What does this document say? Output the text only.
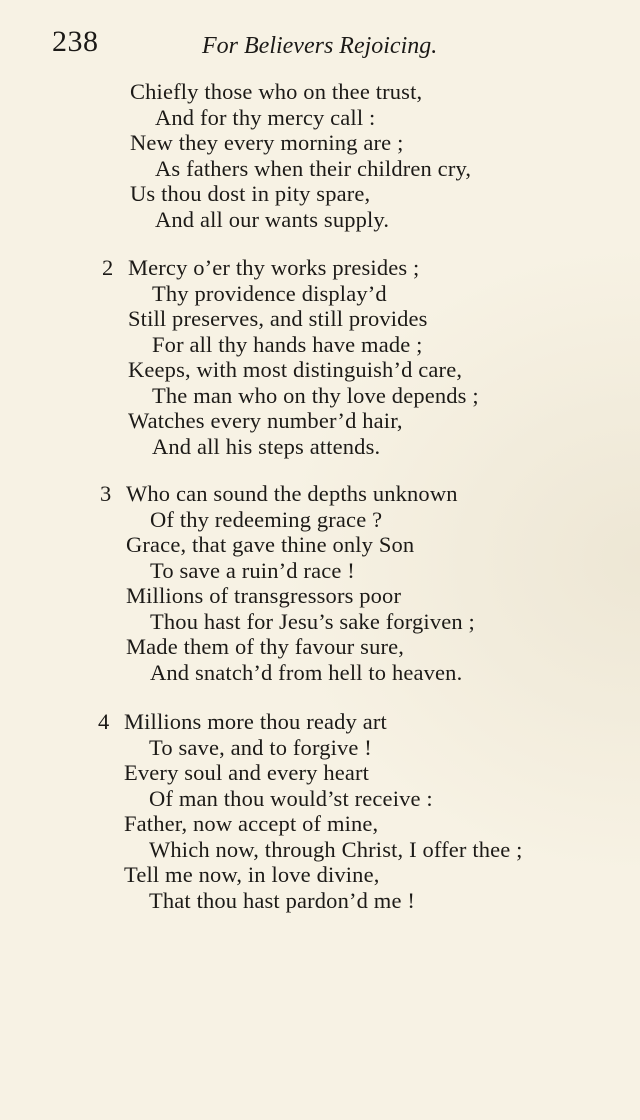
238	For Believers Rejoicing.
Chiefly those who on thee trust,
And for thy mercy call :
New they every morning are ;
As fathers when their children cry,
Us thou dost in pity spare,
And all our wants supply.
2 Mercy o’er thy works presides ;
Thy providence display’d
Still preserves, and still provides
For all thy hands have made ;
Keeps, with most distinguish’d care,
The man who on thy love depends ;
Watches every number’d hair,
And all his steps attends.
3 Who can sound the depths unknown
Of thy redeeming grace ?
Grace, that gave thine only Son
To save a ruin’d race !
Millions of transgressors poor
Thou hast for Jesu’s sake forgiven ;
Made them of thy favour sure,
And snatch’d from hell to heaven.
4 Millions more thou ready art
To save, and to forgive !
Every soul and every heart
Of man thou would’st receive :
Father, now accept of mine,
Which now, through Christ, I offer thee ;
Tell me now, in love divine,
That thou hast pardon’d me !
